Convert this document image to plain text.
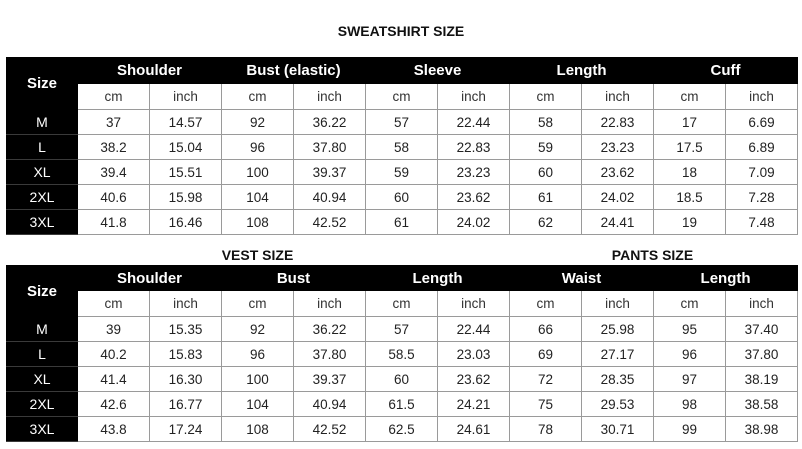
SWEATSHIRT SIZE
Size	Shoulder		Bust (elastic)		Sleeve		Length		Cuff	
	cm	inch	cm	inch	cm	inch	cm	inch	cm	inch
M	37	14.57	92	36.22	57	22.44	58	22.83	17	6.69
L	38.2	15.04	96	37.80	58	22.83	59	23.23	17.5	6.89
XL	39.4	15.51	100	39.37	59	23.23	60	23.62	18	7.09
2XL	40.6	15.98	104	40.94	60	23.62	61	24.02	18.5	7.28
3XL	41.8	16.46	108	42.52	61	24.02	62	24.41	19	7.48
VEST SIZE	PANTS SIZE
Size	Shoulder		Bust		Length		Waist		Length	
	cm	inch	cm	inch	cm	inch	cm	inch	cm	inch
M	39	15.35	92	36.22	57	22.44	66	25.98	95	37.40
L	40.2	15.83	96	37.80	58.5	23.03	69	27.17	96	37.80
XL	41.4	16.30	100	39.37	60	23.62	72	28.35	97	38.19
2XL	42.6	16.77	104	40.94	61.5	24.21	75	29.53	98	38.58
3XL	43.8	17.24	108	42.52	62.5	24.61	78	30.71	99	38.98
